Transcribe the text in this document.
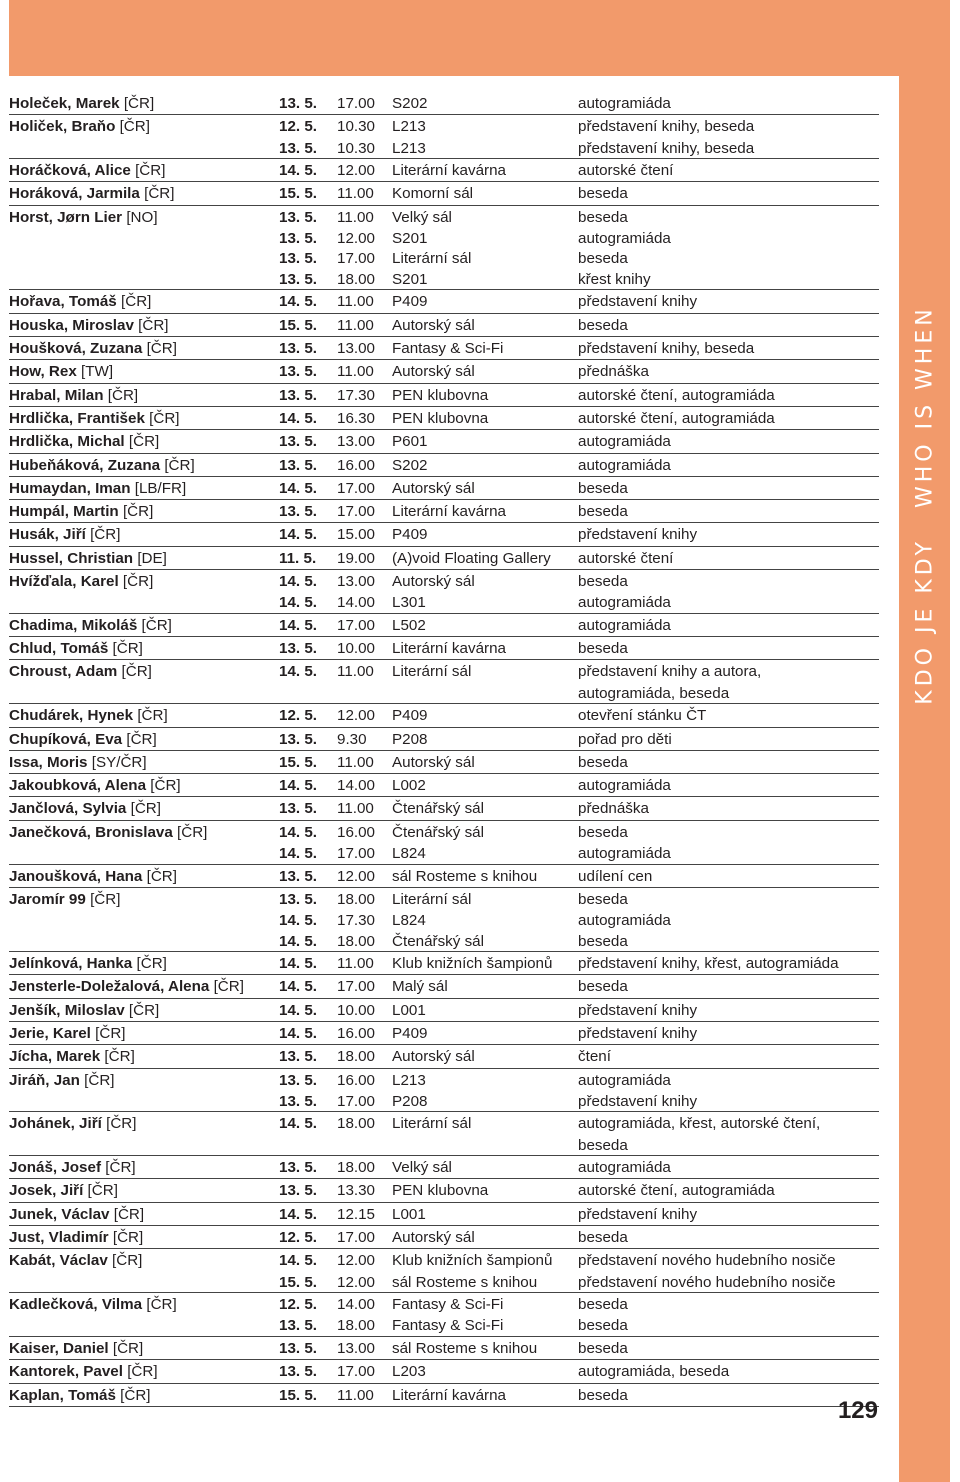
KDO JE KDYWHO IS WHEN
Holeček, Marek [ČR]	13. 5.	17.00	S202	autogramiáda
Holiček, Braňo [ČR]	12. 5.	10.30	L213	představení knihy, beseda
13. 5.	10.30	L213	představení knihy, beseda
Horáčková, Alice [ČR]	14. 5.	12.00	Literární kavárna	autorské čtení
Horáková, Jarmila [ČR]	15. 5.	11.00	Komorní sál	beseda
Horst, Jørn Lier [NO]	13. 5.	11.00	Velký sál	beseda
13. 5.	12.00	S201	autogramiáda
13. 5.	17.00	Literární sál	beseda
13. 5.	18.00	S201	křest knihy
Hořava, Tomáš [ČR]	14. 5.	11.00	P409	představení knihy
Houska, Miroslav [ČR]	15. 5.	11.00	Autorský sál	beseda
Houšková, Zuzana [ČR]	13. 5.	13.00	Fantasy & Sci-Fi	představení knihy, beseda
How, Rex [TW]	13. 5.	11.00	Autorský sál	přednáška
Hrabal, Milan [ČR]	13. 5.	17.30	PEN klubovna	autorské čtení, autogramiáda
Hrdlička, František [ČR]	14. 5.	16.30	PEN klubovna	autorské čtení, autogramiáda
Hrdlička, Michal [ČR]	13. 5.	13.00	P601	autogramiáda
Hubeňáková, Zuzana [ČR]	13. 5.	16.00	S202	autogramiáda
Humaydan, Iman [LB/FR]	14. 5.	17.00	Autorský sál	beseda
Humpál, Martin [ČR]	13. 5.	17.00	Literární kavárna	beseda
Husák, Jiří [ČR]	14. 5.	15.00	P409	představení knihy
Hussel, Christian [DE]	11. 5.	19.00	(A)void Floating Gallery	autorské čtení
Hvížďala, Karel [ČR]	14. 5.	13.00	Autorský sál	beseda
14. 5.	14.00	L301	autogramiáda
Chadima, Mikoláš [ČR]	14. 5.	17.00	L502	autogramiáda
Chlud, Tomáš [ČR]	13. 5.	10.00	Literární kavárna	beseda
Chroust, Adam [ČR]	14. 5.	11.00	Literární sál	představení knihy a autora,
autogramiáda, beseda
Chudárek, Hynek [ČR]	12. 5.	12.00	P409	otevření stánku ČT
Chupíková, Eva [ČR]	13. 5.	9.30	P208	pořad pro děti
Issa, Moris [SY/ČR]	15. 5.	11.00	Autorský sál	beseda
Jakoubková, Alena [ČR]	14. 5.	14.00	L002	autogramiáda
Jančlová, Sylvia [ČR]	13. 5.	11.00	Čtenářský sál	přednáška
Janečková, Bronislava [ČR]	14. 5.	16.00	Čtenářský sál	beseda
14. 5.	17.00	L824	autogramiáda
Janoušková, Hana [ČR]	13. 5.	12.00	sál Rosteme s knihou	udílení cen
Jaromír 99 [ČR]	13. 5.	18.00	Literární sál	beseda
14. 5.	17.30	L824	autogramiáda
14. 5.	18.00	Čtenářský sál	beseda
Jelínková, Hanka [ČR]	14. 5.	11.00	Klub knižních šampionů	představení knihy, křest, autogramiáda
Jensterle-Doležalová, Alena [ČR]	14. 5.	17.00	Malý sál	beseda
Jenšík, Miloslav [ČR]	14. 5.	10.00	L001	představení knihy
Jerie, Karel [ČR]	14. 5.	16.00	P409	představení knihy
Jícha, Marek [ČR]	13. 5.	18.00	Autorský sál	čtení
Jiráň, Jan [ČR]	13. 5.	16.00	L213	autogramiáda
13. 5.	17.00	P208	představení knihy
Johánek, Jiří [ČR]	14. 5.	18.00	Literární sál	autogramiáda, křest, autorské čtení,
beseda
Jonáš, Josef [ČR]	13. 5.	18.00	Velký sál	autogramiáda
Josek, Jiří [ČR]	13. 5.	13.30	PEN klubovna	autorské čtení, autogramiáda
Junek, Václav [ČR]	14. 5.	12.15	L001	představení knihy
Just, Vladimír [ČR]	12. 5.	17.00	Autorský sál	beseda
Kabát, Václav [ČR]	14. 5.	12.00	Klub knižních šampionů	představení nového hudebního nosiče
15. 5.	12.00	sál Rosteme s knihou	představení nového hudebního nosiče
Kadlečková, Vilma [ČR]	12. 5.	14.00	Fantasy & Sci-Fi	beseda
13. 5.	18.00	Fantasy & Sci-Fi	beseda
Kaiser, Daniel [ČR]	13. 5.	13.00	sál Rosteme s knihou	beseda
Kantorek, Pavel [ČR]	13. 5.	17.00	L203	autogramiáda, beseda
Kaplan, Tomáš [ČR]	15. 5.	11.00	Literární kavárna	beseda
129
